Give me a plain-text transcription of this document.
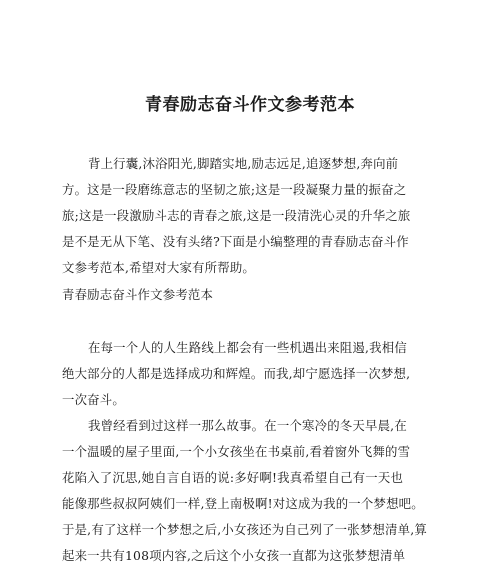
青春励志奋斗作文参考范本
背上行囊,沐浴阳光,脚踏实地,励志远足,追逐梦想,奔向前
方。这是一段磨练意志的坚韧之旅;这是一段凝聚力量的振奋之
旅;这是一段激励斗志的青春之旅,这是一段清洗心灵的升华之旅
是不是无从下笔、没有头绪?下面是小编整理的青春励志奋斗作
文参考范本,希望对大家有所帮助。
青春励志奋斗作文参考范本
在每一个人的人生路线上都会有一些机遇出来阻遏,我相信
绝大部分的人都是选择成功和辉煌。而我,却宁愿选择一次梦想,
一次奋斗。
我曾经看到过这样一那么故事。在一个寒冷的冬天早晨,在
一个温暖的屋子里面,一个小女孩坐在书桌前,看着窗外飞舞的雪
花陷入了沉思,她自言自语的说:多好啊!我真希望自己有一天也
能像那些叔叔阿姨们一样,登上南极啊!对这成为我的一个梦想吧。
于是,有了这样一个梦想之后,小女孩还为自己列了一张梦想清单,算
起来一共有108项内容,之后这个小女孩一直都为这张梦想清单
